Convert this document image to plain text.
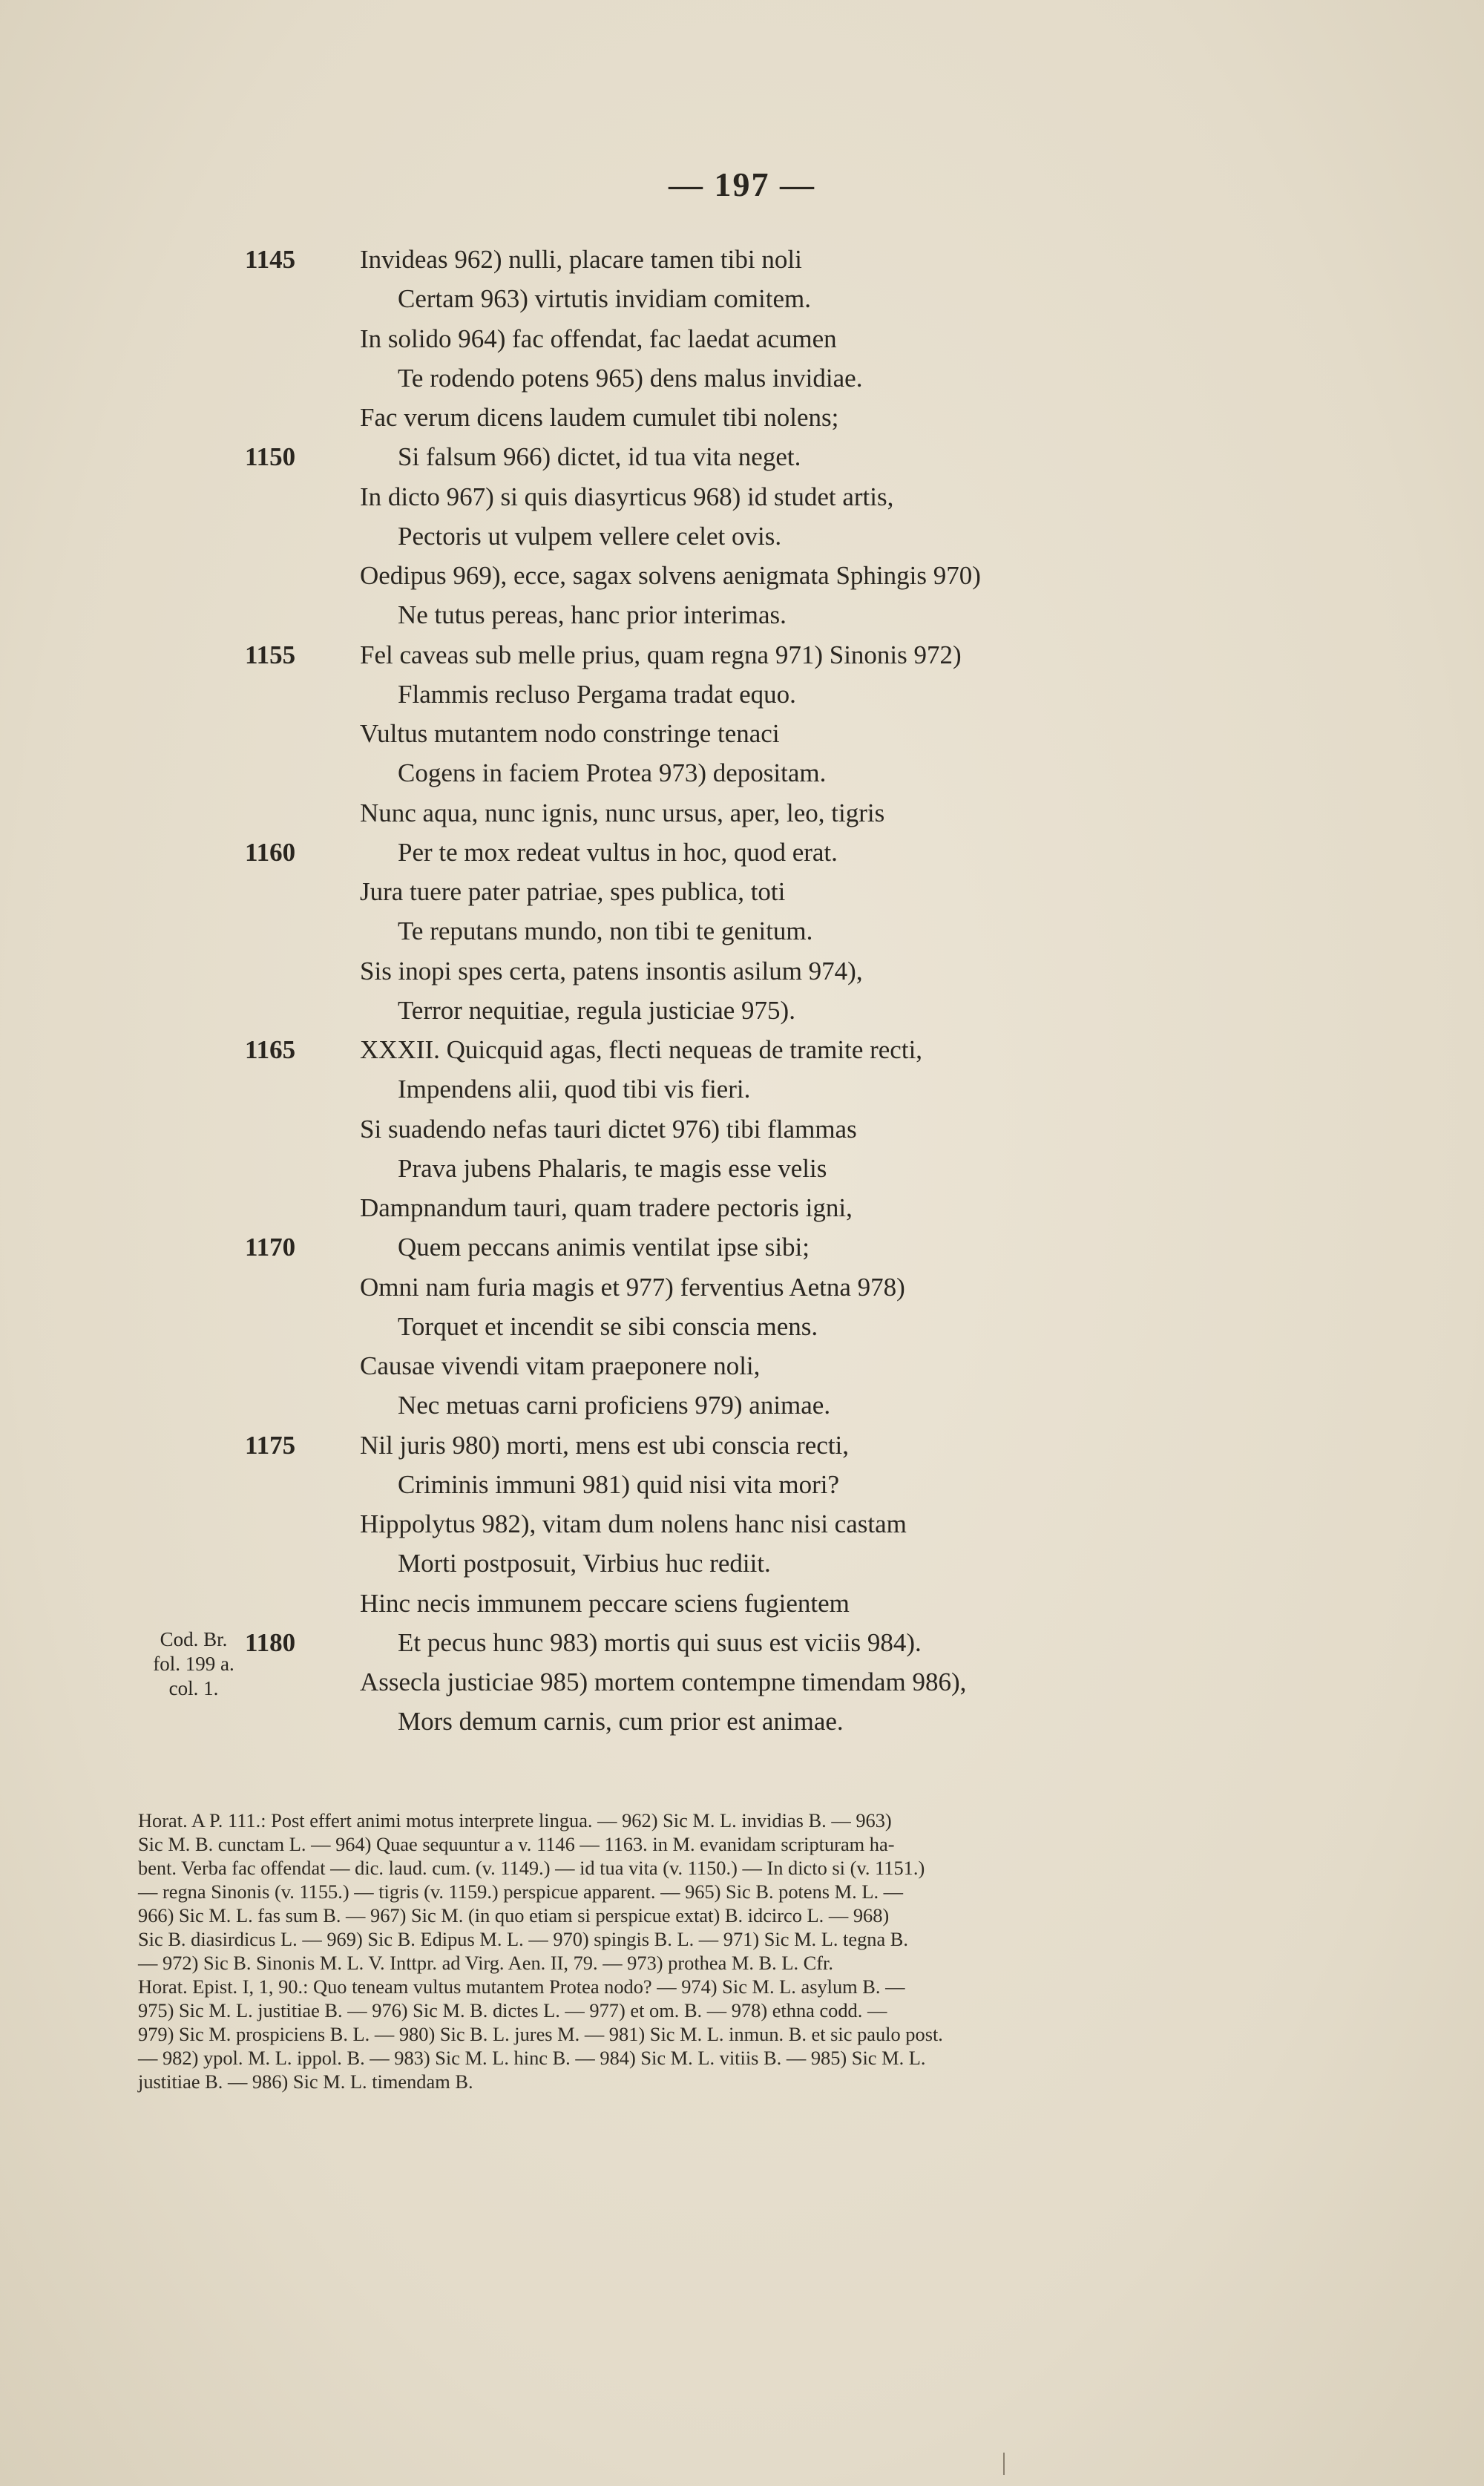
— 197 —
1145	Invideas 962) nulli, placare tamen tibi noli
Certam 963) virtutis invidiam comitem.
In solido 964) fac offendat, fac laedat acumen
Te rodendo potens 965) dens malus invidiae.
Fac verum dicens laudem cumulet tibi nolens;
1150	Si falsum 966) dictet, id tua vita neget.
In dicto 967) si quis diasyrticus 968) id studet artis,
Pectoris ut vulpem vellere celet ovis.
Oedipus 969), ecce, sagax solvens aenigmata Sphingis 970)
Ne tutus pereas, hanc prior interimas.
1155	Fel caveas sub melle prius, quam regna 971) Sinonis 972)
Flammis recluso Pergama tradat equo.
Vultus mutantem nodo constringe tenaci
Cogens in faciem Protea 973) depositam.
Nunc aqua, nunc ignis, nunc ursus, aper, leo, tigris
1160	Per te mox redeat vultus in hoc, quod erat.
Jura tuere pater patriae, spes publica, toti
Te reputans mundo, non tibi te genitum.
Sis inopi spes certa, patens insontis asilum 974),
Terror nequitiae, regula justiciae 975).
1165	XXXII. Quicquid agas, flecti nequeas de tramite recti,
Impendens alii, quod tibi vis fieri.
Si suadendo nefas tauri dictet 976) tibi flammas
Prava jubens Phalaris, te magis esse velis
Dampnandum tauri, quam tradere pectoris igni,
1170	Quem peccans animis ventilat ipse sibi;
Omni nam furia magis et 977) ferventius Aetna 978)
Torquet et incendit se sibi conscia mens.
Causae vivendi vitam praeponere noli,
Nec metuas carni proficiens 979) animae.
1175	Nil juris 980) morti, mens est ubi conscia recti,
Criminis immuni 981) quid nisi vita mori?
Hippolytus 982), vitam dum nolens hanc nisi castam
Morti postposuit, Virbius huc rediit.
Hinc necis immunem peccare sciens fugientem
1180	Et pecus hunc 983) mortis qui suus est viciis 984).
Assecla justiciae 985) mortem contempne timendam 986),
Mors demum carnis, cum prior est animae.
Cod. Br.
fol. 199 a.
col. 1.

Horat. A P. 111.: Post effert animi motus interprete lingua. — 962) Sic M. L. invidias B. — 963)

Sic M. B. cunctam L. — 964) Quae sequuntur a v. 1146 — 1163. in M. evanidam scripturam ha-

bent. Verba fac offendat — dic. laud. cum. (v. 1149.) — id tua vita (v. 1150.) — In dicto si (v. 1151.)

— regna Sinonis (v. 1155.) — tigris (v. 1159.) perspicue apparent. — 965) Sic B. potens M. L. —

966) Sic M. L. fas sum B. — 967) Sic M. (in quo etiam si perspicue extat) B. idcirco L. — 968)

Sic B. diasirdicus L. — 969) Sic B. Edipus M. L. — 970) spingis B. L. — 971) Sic M. L. tegna B.

— 972) Sic B. Sinonis M. L. V. Inttpr. ad Virg. Aen. II, 79. — 973) prothea M. B. L. Cfr.

Horat. Epist. I, 1, 90.: Quo teneam vultus mutantem Protea nodo? — 974) Sic M. L. asylum B. —

975) Sic M. L. justitiae B. — 976) Sic M. B. dictes L. — 977) et om. B. — 978) ethna codd. —

979) Sic M. prospiciens B. L. — 980) Sic B. L. jures M. — 981) Sic M. L. inmun. B. et sic paulo post.

— 982) ypol. M. L. ippol. B. — 983) Sic M. L. hinc B. — 984) Sic M. L. vitiis B. — 985) Sic M. L.

justitiae B. — 986) Sic M. L. timendam B.
